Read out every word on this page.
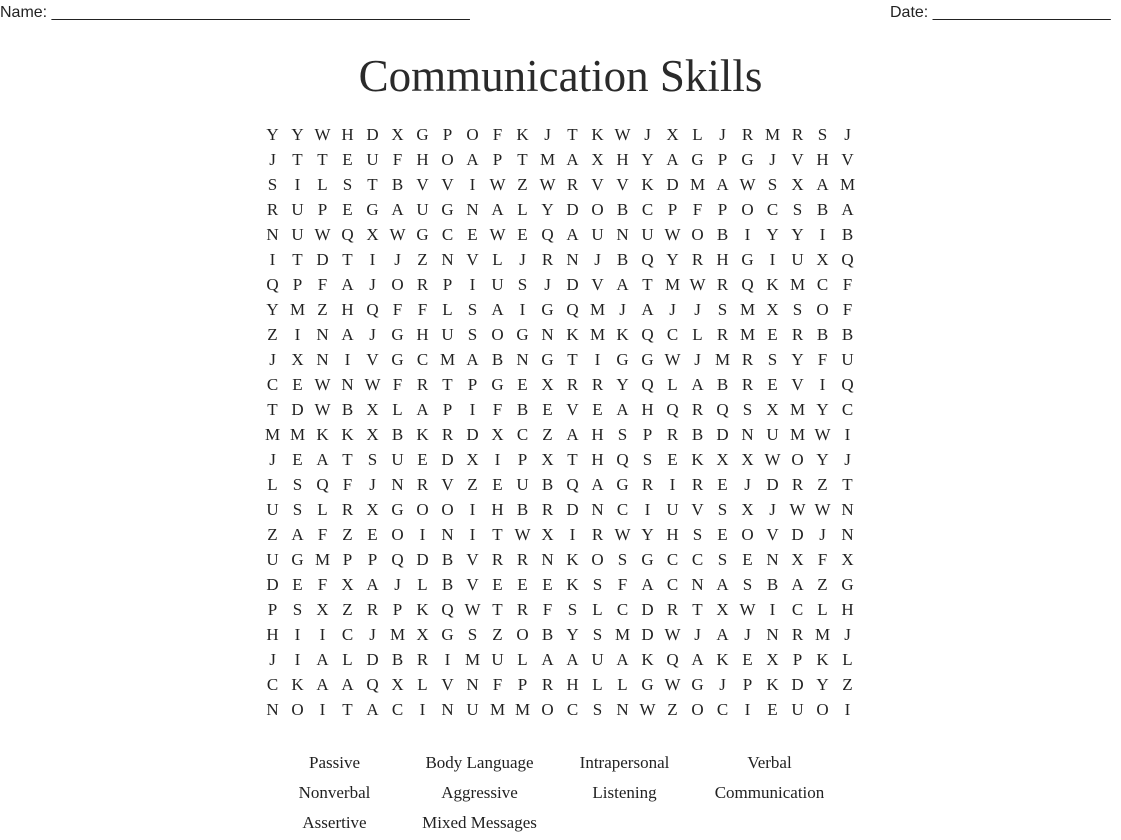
Name: _______________________________________________	Date: ____________________
Communication Skills
Y Y W H D X G P O F K J T K W J X L J R M R S J
J T T E U F H O A P T M A X H Y A G P G J V H V
S	I L S T B V V I W Z W R V V K D M A W S X A M
R U P E G A U G N A L Y D O B C P F P O C S B A
N U W Q X W G C E W E Q A U N U W O B I Y Y I B
I T D T I	J Z N V L J R N J B Q Y R H G I U X Q
Q P F A J O R P	I U S J D V A T M W R Q K M C F
Y M Z H Q F F L S A I G Q M J A J	J S M X S O F
Z I N A J G H U S O G N K M K Q C L R M E R B B
J X N I V G C M A B N G T I G G W J M R S Y F U
C E W N W F R T P G E X R R Y Q L A B R E V I Q
T D W B X L A P	I	F B E V E A H Q R Q S X M Y C
M M K K X B K R D X C Z A H S P R B D N U M W I
J E A T S U E D X I	P X T H Q S E K X X W O Y J
L S Q F J N R V Z E U B Q A G R I R E J D R Z T
U S L R X G O O I H B R D N C I U V S X J W W N
Z A F Z E O I N I T W X I R W Y H S E O V D J N
U G M P P Q D B V R R N K O S G C C S E N X F X
D E F X A J L B V E E E K S F A C N A S B A Z G
P S X Z R P K Q W T R F S L C D R T X W I C L H
H I	I C J M X G S Z O B Y S M D W J A J N R M J
J	I A L D B R I M U L A A U A K Q A K E X P K L
C K A A Q X L V N F P R H L L G W G J P K D Y Z
N O I T A C I N U M M O C S N W Z O C I E U O I
Passive	Body Language	Intrapersonal	Verbal
Nonverbal	Aggressive	Listening	Communication
Assertive	Mixed Messages
